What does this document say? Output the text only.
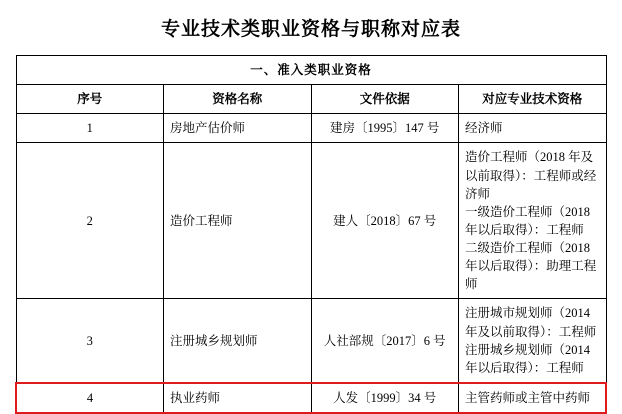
专业技术类职业资格与职称对应表
一、准入类职业资格			
序号	资格名称	文件依据	对应专业技术资格
1	房地产估价师	建房〔1995〕147 号	经济师

2	造价工程师	建人〔2018〕67 号	造价工程师（2018 年及以前取得）：工程师或经济师
一级造价工程师（2018 年以后取得）：工程师
二级造价工程师（2018 年以后取得）：助理工程师

3	注册城乡规划师	人社部规〔2017〕6 号	注册城市规划师（2014 年及以前取得）：工程师
注册城乡规划师（2014 年以后取得）：工程师

4	执业药师	人发〔1999〕34 号	主管药师或主管中药师
